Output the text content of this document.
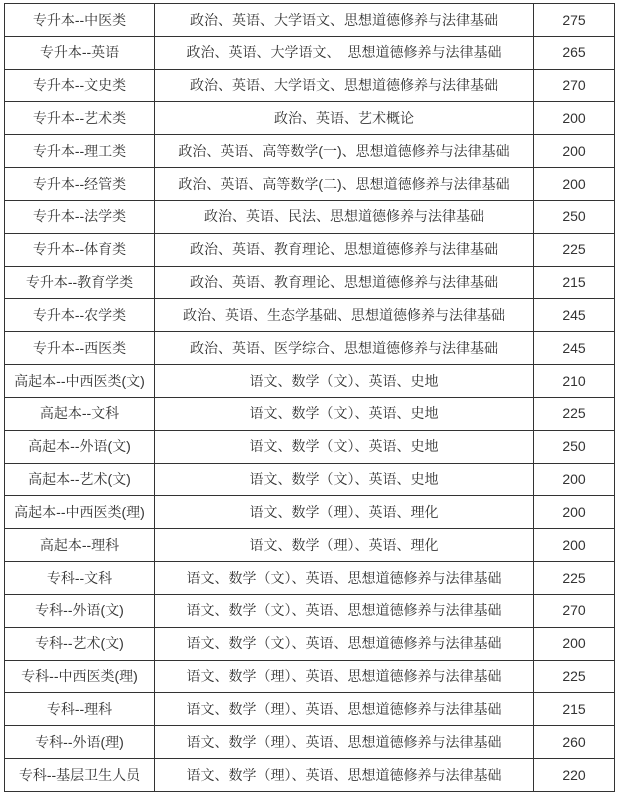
专升本--中医类	政治、英语、大学语文、思想道德修养与法律基础	275
专升本--英语	政治、英语、大学语文、　思想道德修养与法律基础	265
专升本--文史类	政治、英语、大学语文、思想道德修养与法律基础	270
专升本--艺术类	政治、英语、艺术概论	200
专升本--理工类	政治、英语、高等数学(一)、思想道德修养与法律基础	200
专升本--经管类	政治、英语、高等数学(二)、思想道德修养与法律基础	200
专升本--法学类	政治、英语、民法、思想道德修养与法律基础	250
专升本--体育类	政治、英语、教育理论、思想道德修养与法律基础	225
专升本--教育学类	政治、英语、教育理论、思想道德修养与法律基础	215
专升本--农学类	政治、英语、生态学基础、思想道德修养与法律基础	245
专升本--西医类	政治、英语、医学综合、思想道德修养与法律基础	245
高起本--中西医类(文)	语文、数学（文）、英语、史地	210
高起本--文科	语文、数学（文）、英语、史地	225
高起本--外语(文)	语文、数学（文）、英语、史地	250
高起本--艺术(文)	语文、数学（文）、英语、史地	200
高起本--中西医类(理)	语文、数学（理）、英语、理化	200
高起本--理科	语文、数学（理）、英语、理化	200
专科--文科	语文、数学（文）、英语、思想道德修养与法律基础	225
专科--外语(文)	语文、数学（文）、英语、思想道德修养与法律基础	270
专科--艺术(文)	语文、数学（文）、英语、思想道德修养与法律基础	200
专科--中西医类(理)	语文、数学（理）、英语、思想道德修养与法律基础	225
专科--理科	语文、数学（理）、英语、思想道德修养与法律基础	215
专科--外语(理)	语文、数学（理）、英语、思想道德修养与法律基础	260
专科--基层卫生人员	语文、数学（理）、英语、思想道德修养与法律基础	220
